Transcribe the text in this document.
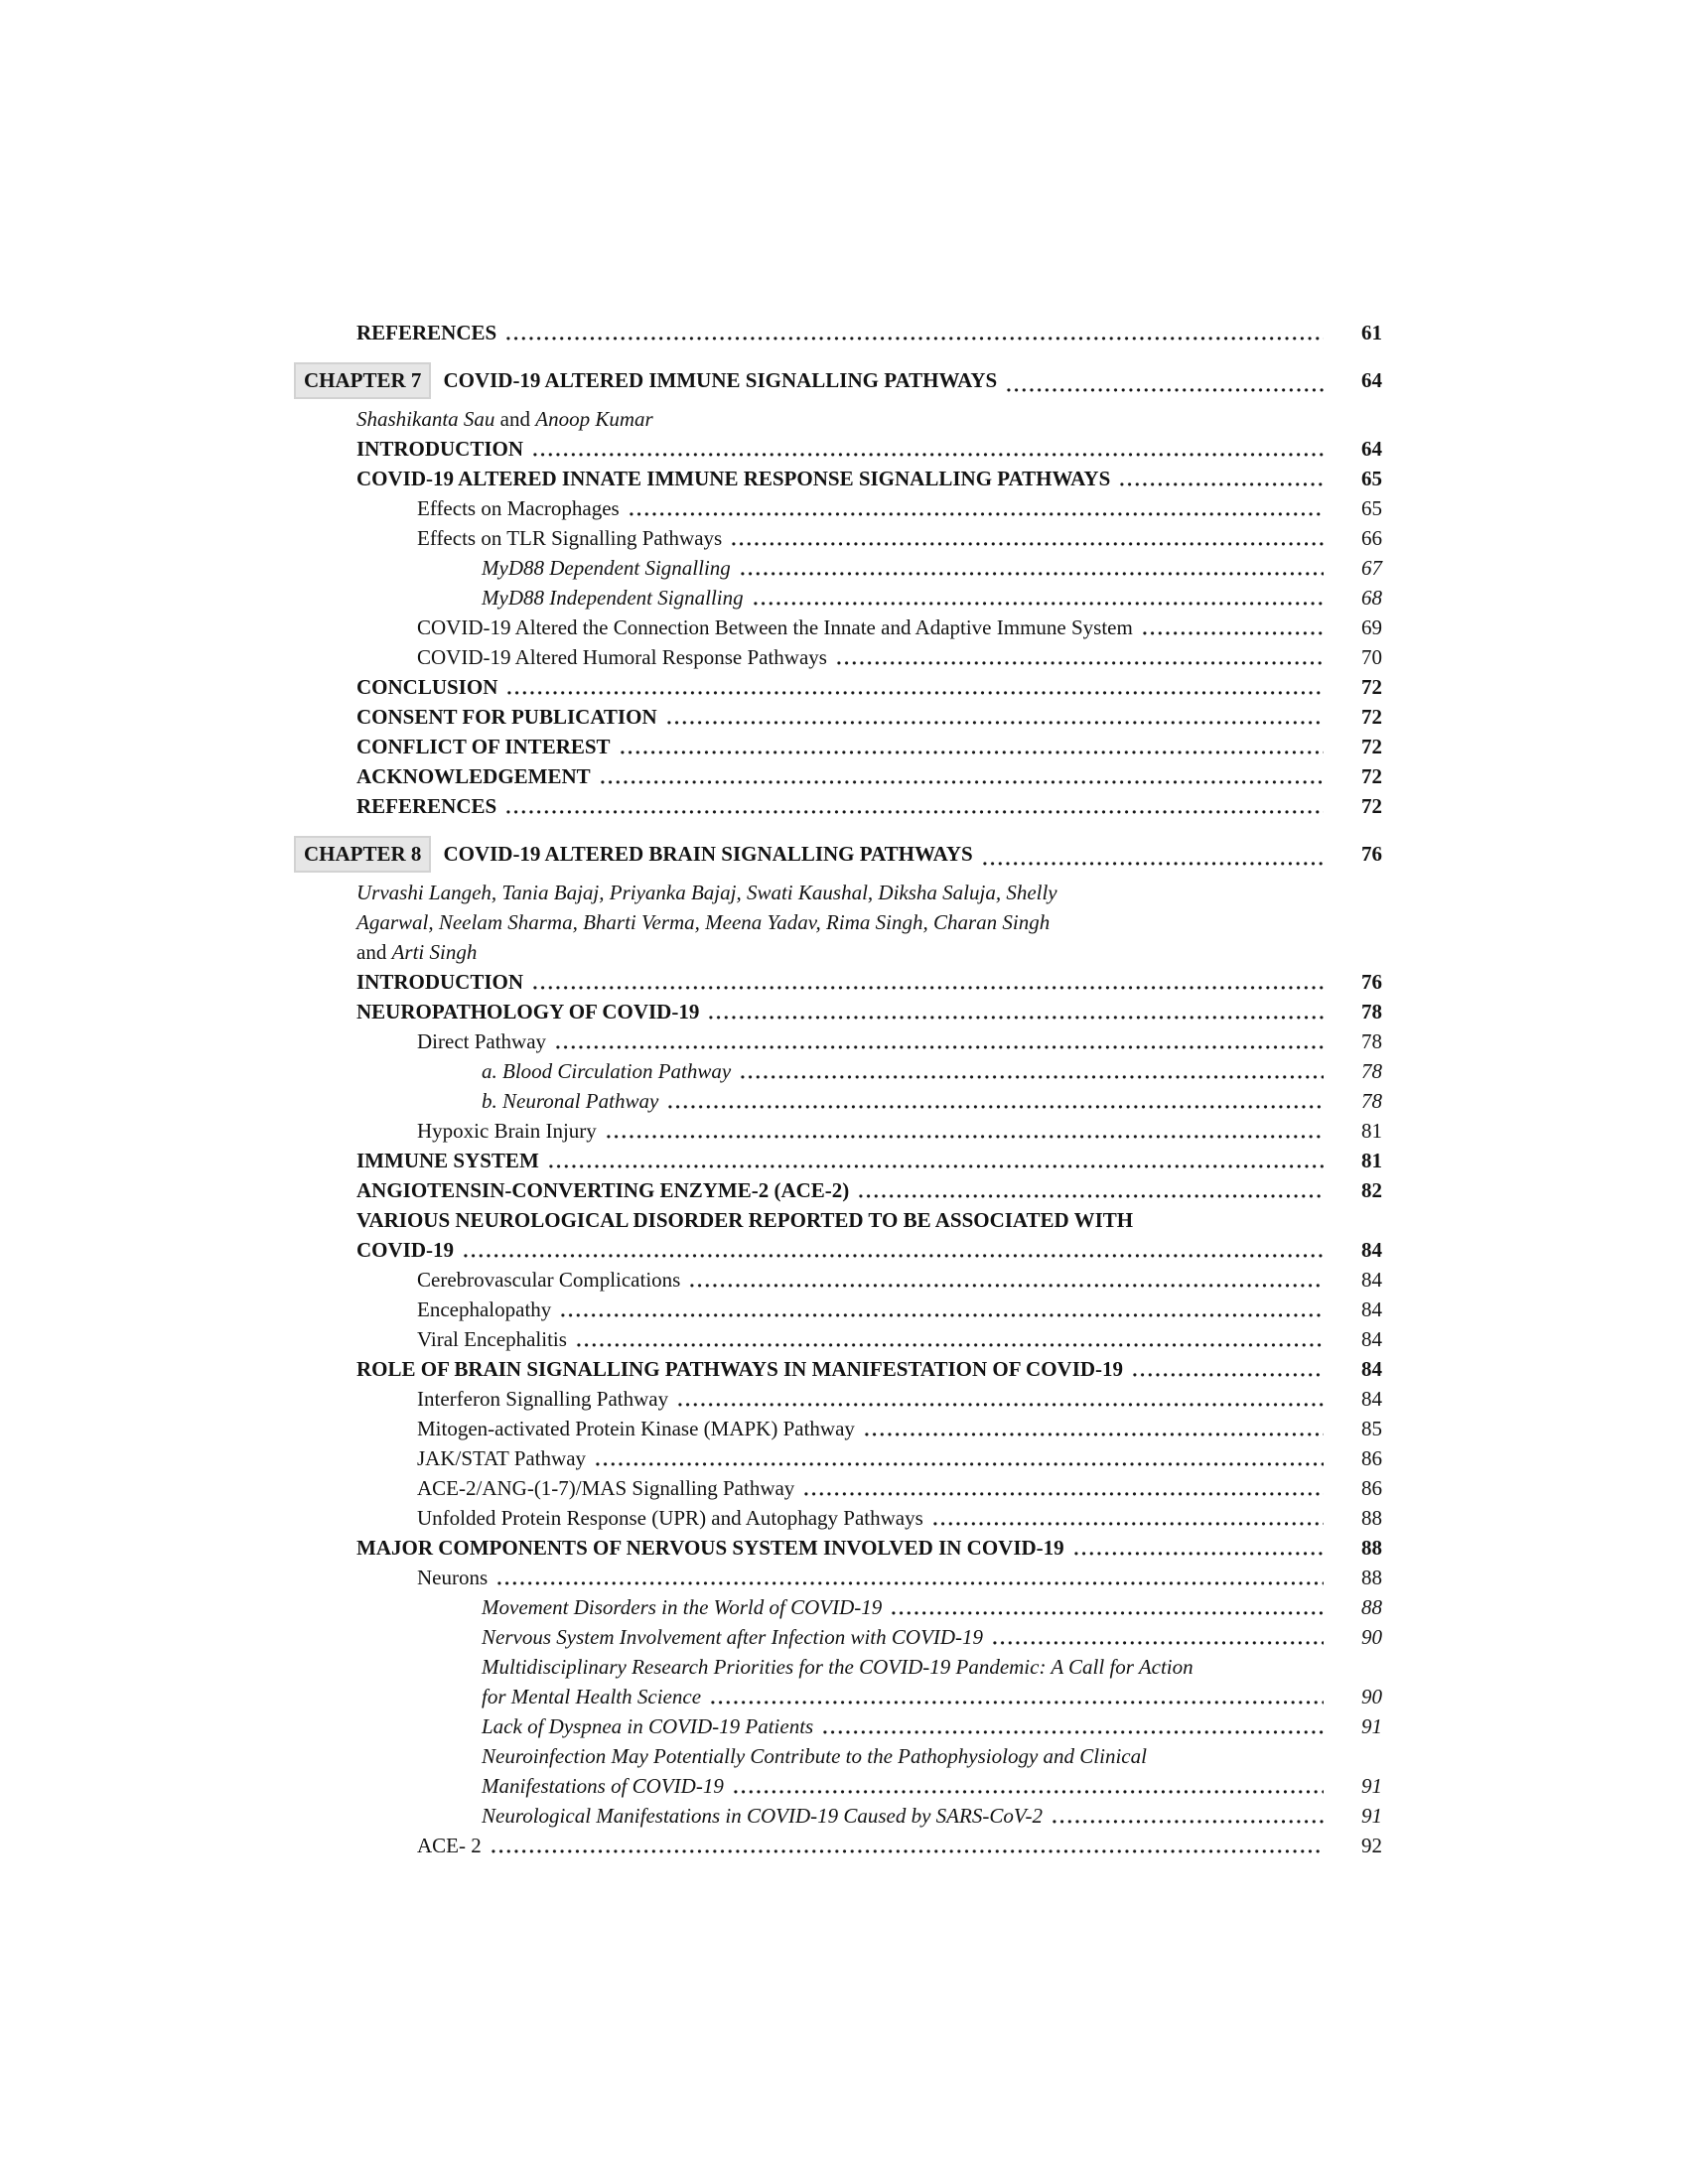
REFERENCES	61
CHAPTER 7	COVID-19 ALTERED IMMUNE SIGNALLING PATHWAYS	64
Shashikanta Sau and Anoop Kumar
INTRODUCTION	64
COVID-19 ALTERED INNATE IMMUNE RESPONSE SIGNALLING PATHWAYS	65
Effects on Macrophages	65
Effects on TLR Signalling Pathways	66
MyD88 Dependent Signalling	67
MyD88 Independent Signalling	68
COVID-19 Altered the Connection Between the Innate and Adaptive Immune System	69
COVID-19 Altered Humoral Response Pathways	70
CONCLUSION	72
CONSENT FOR PUBLICATION	72
CONFLICT OF INTEREST	72
ACKNOWLEDGEMENT	72
REFERENCES	72
CHAPTER 8	COVID-19 ALTERED BRAIN SIGNALLING PATHWAYS	76
Urvashi Langeh, Tania Bajaj, Priyanka Bajaj, Swati Kaushal, Diksha Saluja, Shelly
Agarwal, Neelam Sharma, Bharti Verma, Meena Yadav, Rima Singh, Charan Singh
and Arti Singh
INTRODUCTION	76
NEUROPATHOLOGY OF COVID-19	78
Direct Pathway	78
a. Blood Circulation Pathway	78
b. Neuronal Pathway	78
Hypoxic Brain Injury	81
IMMUNE SYSTEM	81
ANGIOTENSIN-CONVERTING ENZYME-2 (ACE-2)	82
VARIOUS NEUROLOGICAL DISORDER REPORTED TO BE ASSOCIATED WITH
COVID-19	84
Cerebrovascular Complications	84
Encephalopathy	84
Viral Encephalitis	84
ROLE OF BRAIN SIGNALLING PATHWAYS IN MANIFESTATION OF COVID-19	84
Interferon Signalling Pathway	84
Mitogen-activated Protein Kinase (MAPK) Pathway	85
JAK/STAT Pathway	86
ACE-2/ANG-(1-7)/MAS Signalling Pathway	86
Unfolded Protein Response (UPR) and Autophagy Pathways	88
MAJOR COMPONENTS OF NERVOUS SYSTEM INVOLVED IN COVID-19	88
Neurons	88
Movement Disorders in the World of COVID-19	88
Nervous System Involvement after Infection with COVID-19	90
Multidisciplinary Research Priorities for the COVID-19 Pandemic: A Call for Action
for Mental Health Science	90
Lack of Dyspnea in COVID-19 Patients	91
Neuroinfection May Potentially Contribute to the Pathophysiology and Clinical
Manifestations of COVID-19	91
Neurological Manifestations in COVID-19 Caused by SARS-CoV-2	91
ACE- 2	92
